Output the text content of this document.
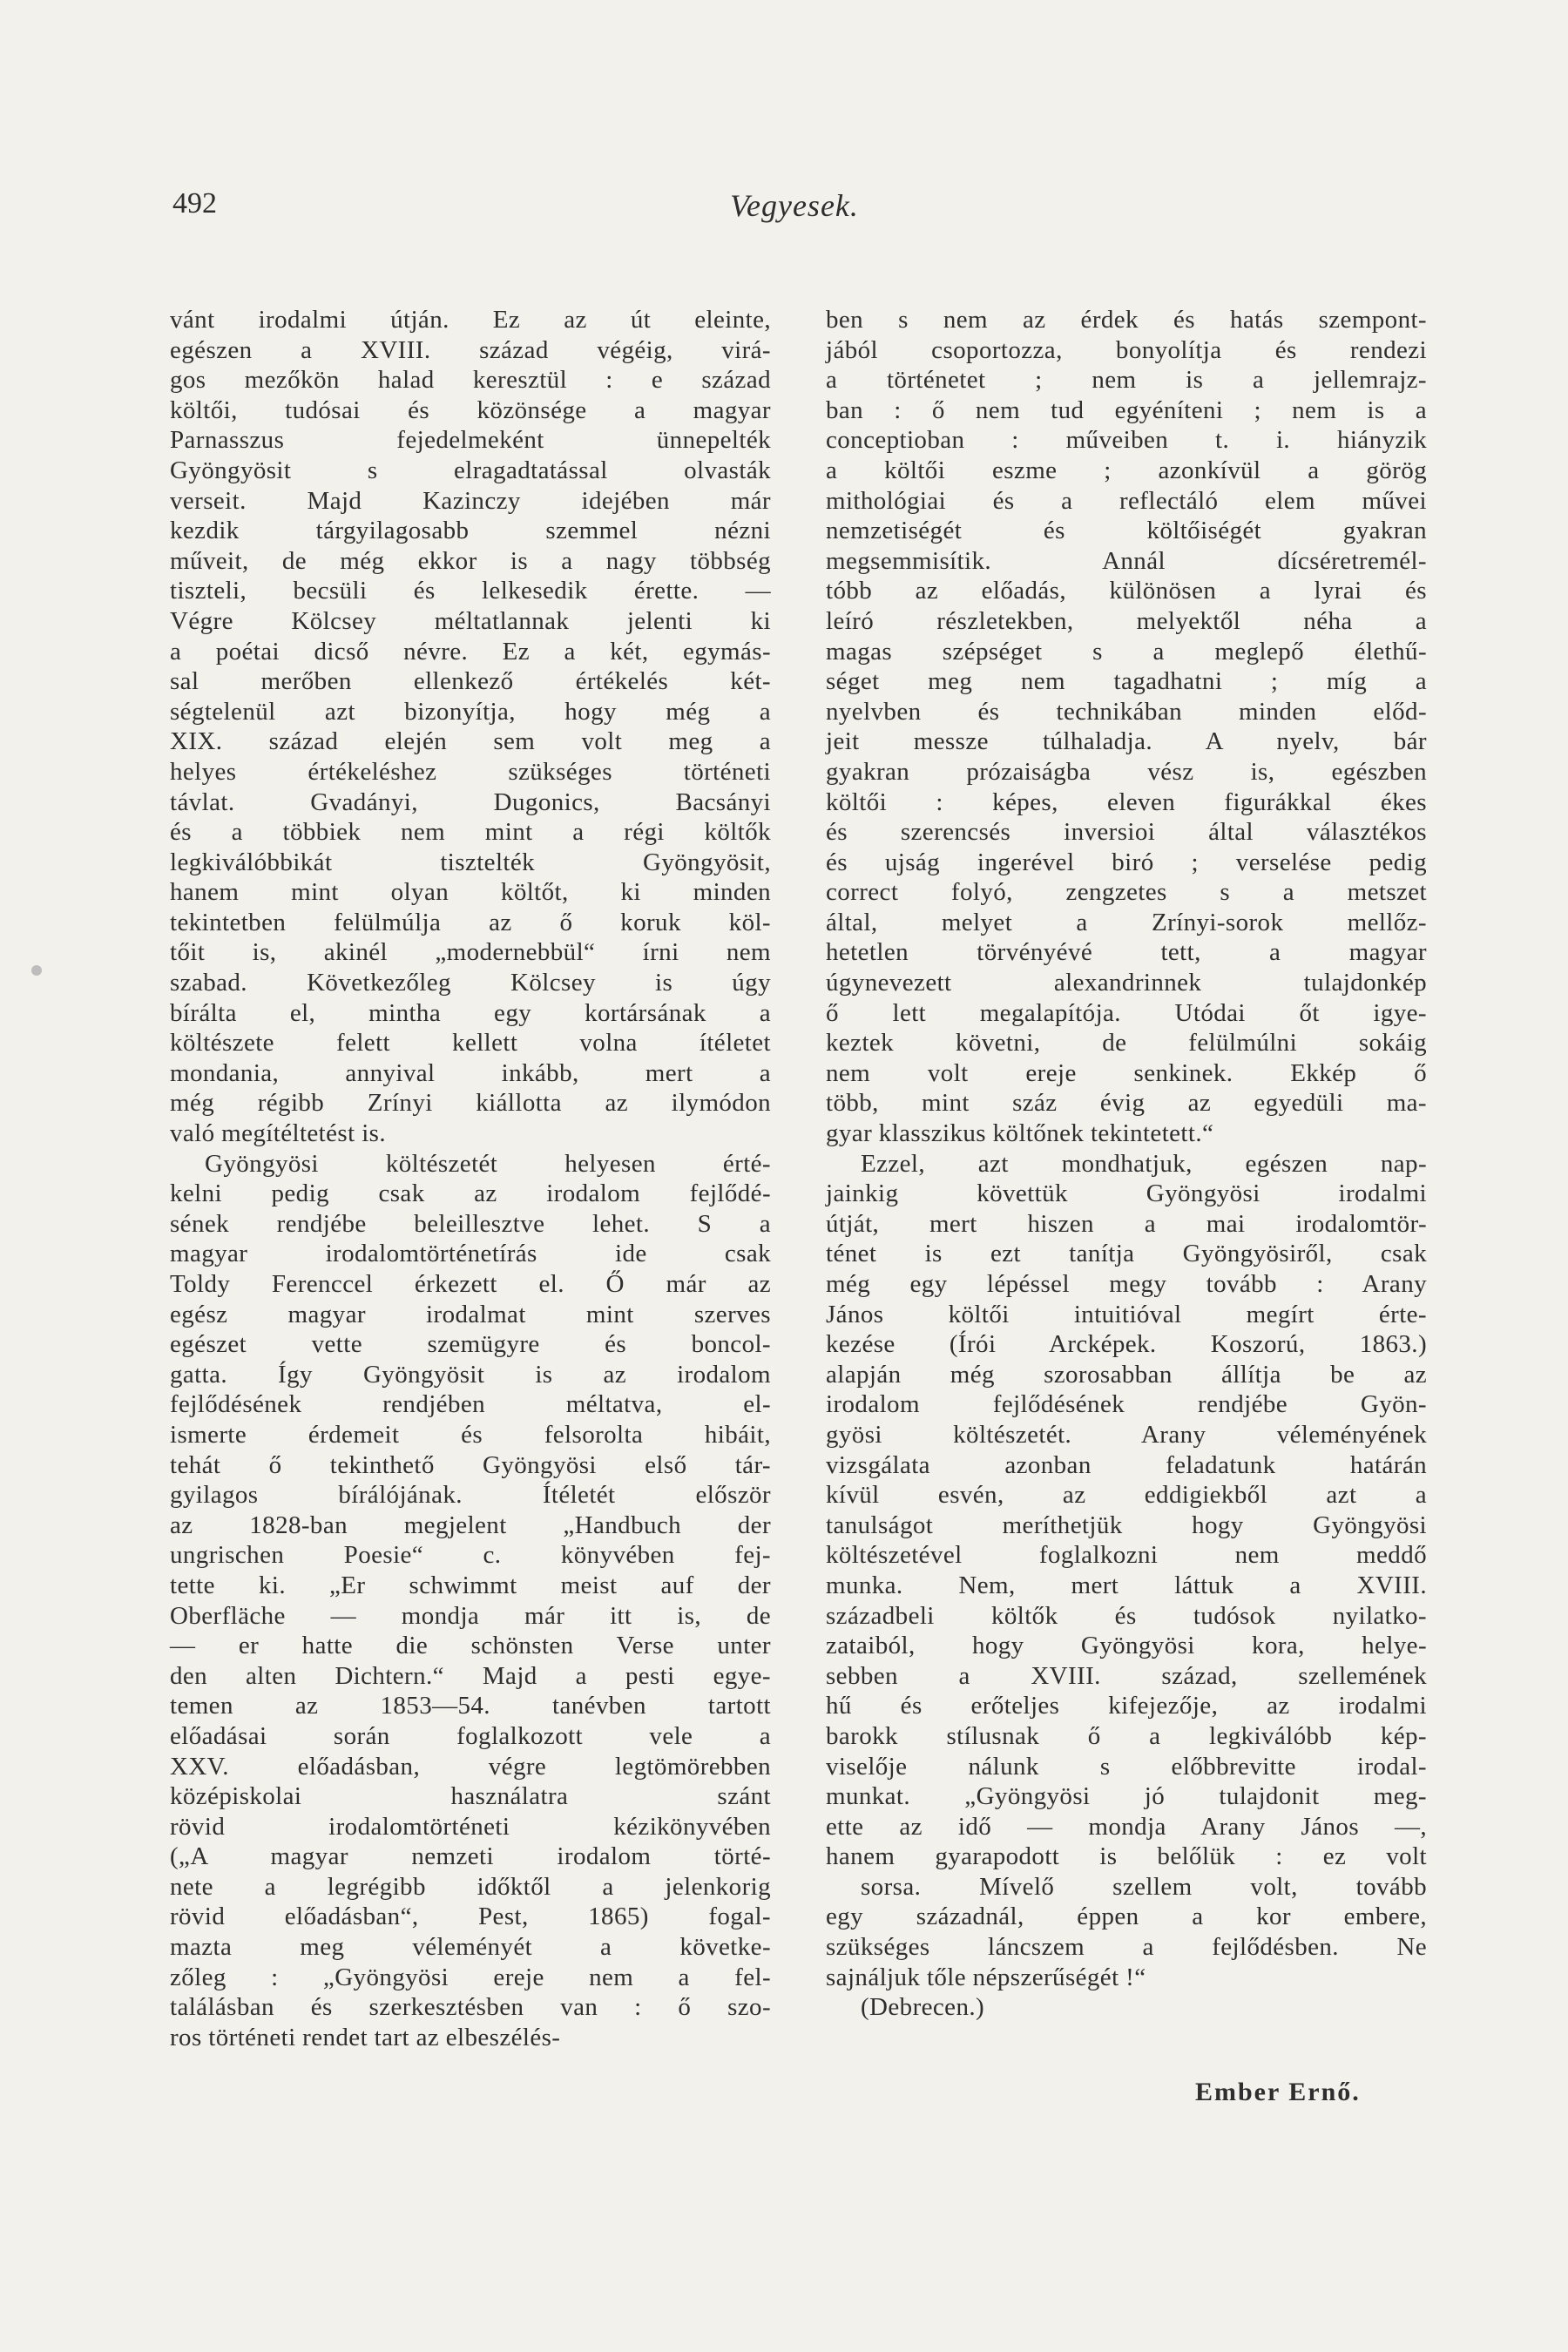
492	Vegyesek.
vánt irodalmi útján. Ez az út eleinte,
egészen a XVIII. század végéig, virá-
gos mezőkön halad keresztül : e század
költői, tudósai és közönsége a magyar
Parnasszus fejedelmeként ünnepelték
Gyöngyösit s elragadtatással olvasták
verseit. Majd Kazinczy idejében már
kezdik tárgyilagosabb szemmel nézni
műveit, de még ekkor is a nagy többség
tiszteli, becsüli és lelkesedik érette. —
Végre Kölcsey méltatlannak jelenti ki
a poétai dicső névre. Ez a két, egymás-
sal merőben ellenkező értékelés két-
ségtelenül azt bizonyítja, hogy még a
XIX. század elején sem volt meg a
helyes értékeléshez szükséges történeti
távlat. Gvadányi, Dugonics, Bacsányi
és a többiek nem mint a régi költők
legkiválóbbikát tisztelték Gyöngyösit,
hanem mint olyan költőt, ki minden
tekintetben felülmúlja az ő koruk köl-
tőit is, akinél „modernebbül“ írni nem
szabad. Következőleg Kölcsey is úgy
bírálta el, mintha egy kortársának a
költészete felett kellett volna ítéletet
mondania, annyival inkább, mert a
még régibb Zrínyi kiállotta az ilymódon
való megítéltetést is.
Gyöngyösi költészetét helyesen érté-
kelni pedig csak az irodalom fejlődé-
sének rendjébe beleillesztve lehet. S a
magyar irodalomtörténetírás ide csak
Toldy Ferenccel érkezett el. Ő már az
egész magyar irodalmat mint szerves
egészet vette szemügyre és boncol-
gatta. Így Gyöngyösit is az irodalom
fejlődésének rendjében méltatva, el-
ismerte érdemeit és felsorolta hibáit,
tehát ő tekinthető Gyöngyösi első tár-
gyilagos bírálójának. Ítéletét először
az 1828-ban megjelent „Handbuch der
ungrischen Poesie“ c. könyvében fej-
tette ki. „Er schwimmt meist auf der
Oberfläche — mondja már itt is, de
— er hatte die schönsten Verse unter
den alten Dichtern.“ Majd a pesti egye-
temen az 1853—54. tanévben tartott
előadásai során foglalkozott vele a
XXV. előadásban, végre legtömörebben
középiskolai használatra szánt
rövid irodalomtörténeti kézikönyvében
(„A magyar nemzeti irodalom törté-
nete a legrégibb időktől a jelenkorig
rövid előadásban“, Pest, 1865) fogal-
mazta meg véleményét a követke-
zőleg : „Gyöngyösi ereje nem a fel-
találásban és szerkesztésben van : ő szo-
ros történeti rendet tart az elbeszélés-
ben s nem az érdek és hatás szempont-
jából csoportozza, bonyolítja és rendezi
a történetet ; nem is a jellemrajz-
ban : ő nem tud egyéníteni ; nem is a
conceptioban : műveiben t. i. hiányzik
a költői eszme ; azonkívül a görög
mithológiai és a reflectáló elem művei
nemzetiségét és költőiségét gyakran
megsemmisítik. Annál dícséretremél-
tóbb az előadás, különösen a lyrai és
leíró részletekben, melyektől néha a
magas szépséget s a meglepő élethű-
séget meg nem tagadhatni ; míg a
nyelvben és technikában minden előd-
jeit messze túlhaladja. A nyelv, bár
gyakran prózaiságba vész is, egészben
költői : képes, eleven figurákkal ékes
és szerencsés inversioi által választékos
és ujság ingerével biró ; verselése pedig
correct folyó, zengzetes s a metszet
által, melyet a Zrínyi-sorok mellőz-
hetetlen törvényévé tett, a magyar
úgynevezett alexandrinnek tulajdonkép
ő lett megalapítója. Utódai őt igye-
keztek követni, de felülmúlni sokáig
nem volt ereje senkinek. Ekkép ő
több, mint száz évig az egyedüli ma-
gyar klasszikus költőnek tekintetett.“
Ezzel, azt mondhatjuk, egészen nap-
jainkig követtük Gyöngyösi irodalmi
útját, mert hiszen a mai irodalomtör-
ténet is ezt tanítja Gyöngyösiről, csak
még egy lépéssel megy tovább : Arany
János költői intuitióval megírt érte-
kezése (Írói Arcképek. Koszorú, 1863.)
alapján még szorosabban állítja be az
irodalom fejlődésének rendjébe Gyön-
gyösi költészetét. Arany véleményének
vizsgálata azonban feladatunk határán
kívül esvén, az eddigiekből azt a
tanulságot meríthetjük hogy Gyöngyösi
költészetével foglalkozni nem meddő
munka. Nem, mert láttuk a XVIII.
századbeli költők és tudósok nyilatko-
zataiból, hogy Gyöngyösi kora, helye-
sebben a XVIII. század, szellemének
hű és erőteljes kifejezője, az irodalmi
barokk stílusnak ő a legkiválóbb kép-
viselője nálunk s előbbrevitte irodal-
munkat. „Gyöngyösi jó tulajdonit meg-
ette az idő — mondja Arany János —,
hanem gyarapodott is belőlük : ez volt
sorsa. Mívelő szellem volt, tovább
egy századnál, éppen a kor embere,
szükséges láncszem a fejlődésben. Ne
sajnáljuk tőle népszerűségét !“
(Debrecen.)
Ember Ernő.
